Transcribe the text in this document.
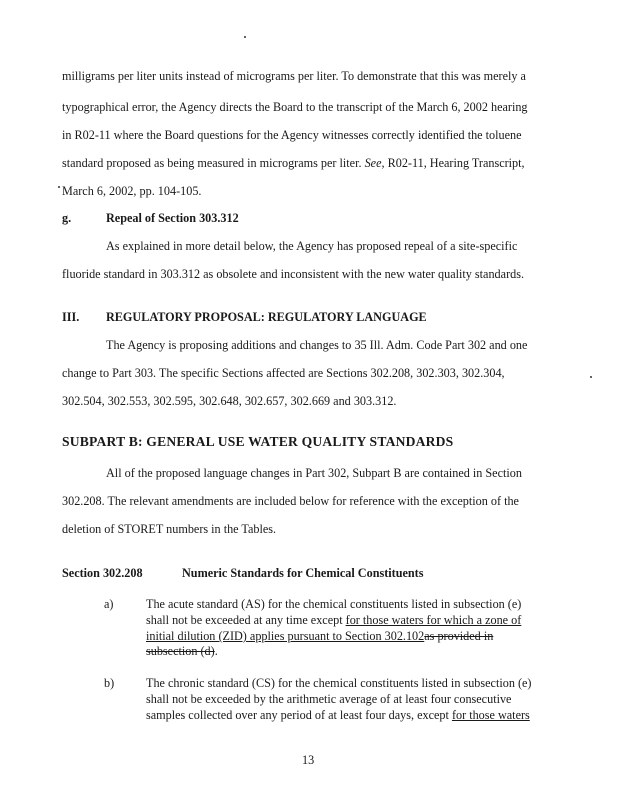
milligrams per liter units instead of micrograms per liter. To demonstrate that this was merely a
typographical error, the Agency directs the Board to the transcript of the March 6, 2002 hearing
in R02-11 where the Board questions for the Agency witnesses correctly identified the toluene
standard proposed as being measured in micrograms per liter. See, R02-11, Hearing Transcript,
March 6, 2002, pp. 104-105.
g.	Repeal of Section 303.312
As explained in more detail below, the Agency has proposed repeal of a site-specific
fluoride standard in 303.312 as obsolete and inconsistent with the new water quality standards.
III. REGULATORY PROPOSAL: REGULATORY LANGUAGE
The Agency is proposing additions and changes to 35 Ill. Adm. Code Part 302 and one
change to Part 303. The specific Sections affected are Sections 302.208, 302.303, 302.304,
302.504, 302.553, 302.595, 302.648, 302.657, 302.669 and 303.312.
SUBPART B: GENERAL USE WATER QUALITY STANDARDS
All of the proposed language changes in Part 302, Subpart B are contained in Section
302.208. The relevant amendments are included below for reference with the exception of the
deletion of STORET numbers in the Tables.
Section 302.208	Numeric Standards for Chemical Constituents
a)	The acute standard (AS) for the chemical constituents listed in subsection (e)
shall not be exceeded at any time except for those waters for which a zone of
initial dilution (ZID) applies pursuant to Section 302.102as provided in
subsection (d).
b)	The chronic standard (CS) for the chemical constituents listed in subsection (e)
shall not be exceeded by the arithmetic average of at least four consecutive
samples collected over any period of at least four days, except for those waters
13
